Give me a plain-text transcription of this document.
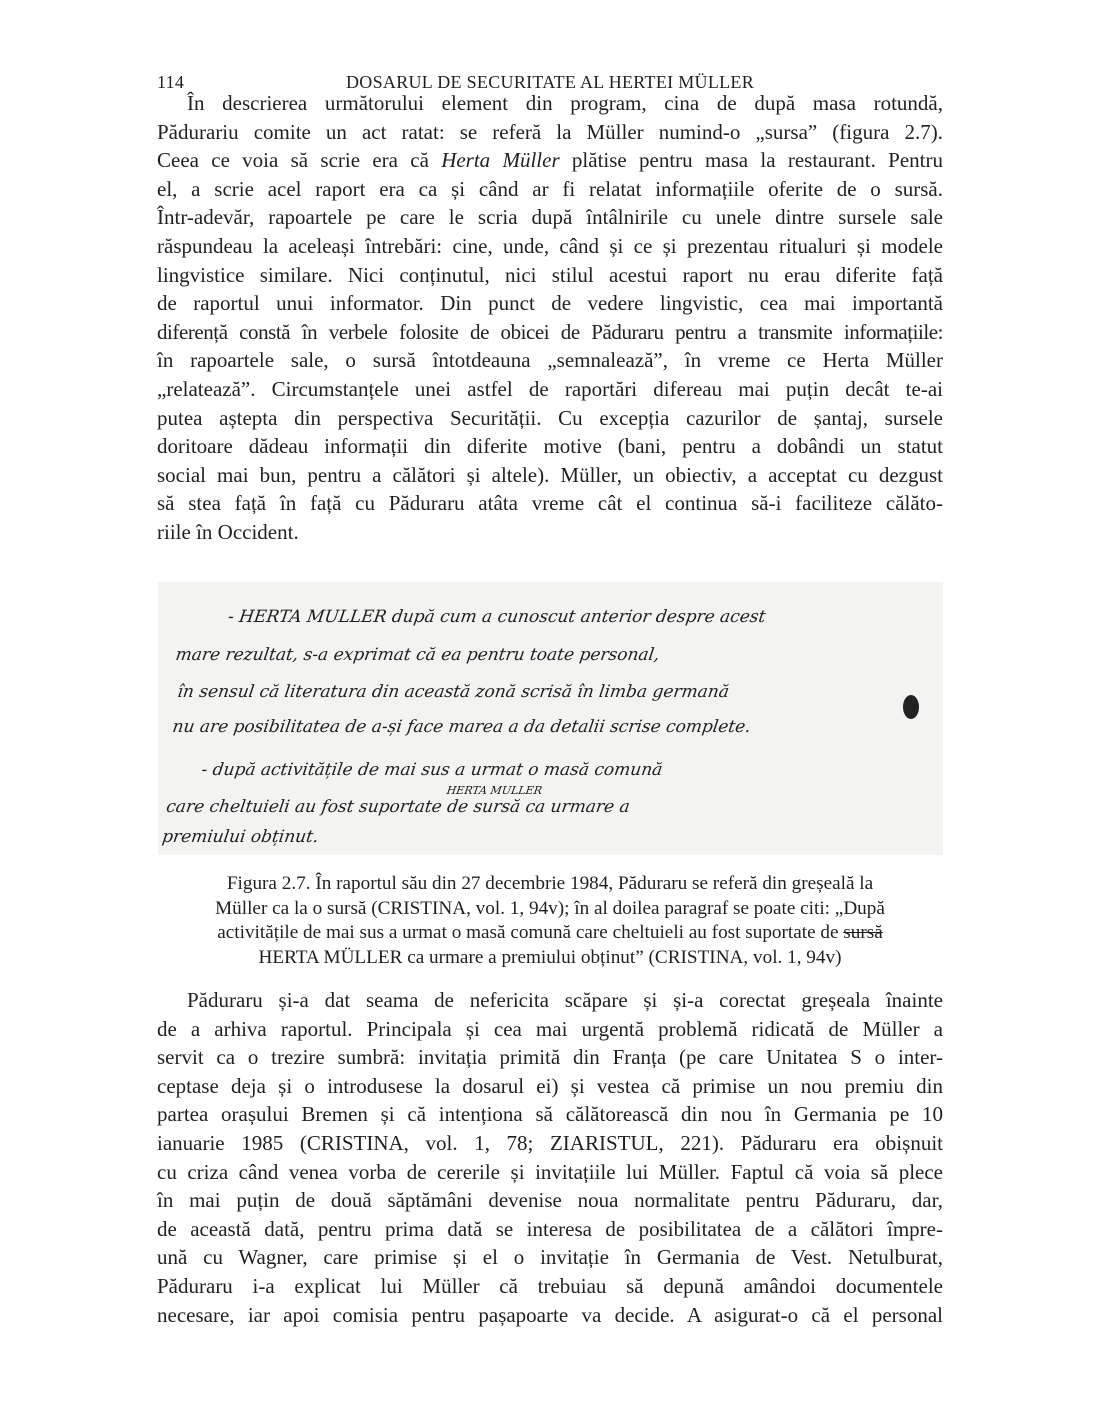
114	DOSARUL DE SECURITATE AL HERTEI MÜLLER
În descrierea următorului element din program, cina de după masa rotundă,
Pădurariu comite un act ratat: se referă la Müller numind-o „sursa” (figura 2.7).
Ceea ce voia să scrie era că Herta Müller plătise pentru masa la restaurant. Pentru
el, a scrie acel raport era ca și când ar fi relatat informațiile oferite de o sursă.
Într-adevăr, rapoartele pe care le scria după întâlnirile cu unele dintre sursele sale
răspundeau la aceleași întrebări: cine, unde, când și ce și prezentau ritualuri și modele
lingvistice similare. Nici conținutul, nici stilul acestui raport nu erau diferite față
de raportul unui informator. Din punct de vedere lingvistic, cea mai importantă
diferență constă în verbele folosite de obicei de Păduraru pentru a transmite informațiile:
în rapoartele sale, o sursă întotdeauna „semnalează”, în vreme ce Herta Müller
„relatează”. Circumstanțele unei astfel de raportări difereau mai puțin decât te-ai
putea aștepta din perspectiva Securității. Cu excepția cazurilor de șantaj, sursele
doritoare dădeau informații din diferite motive (bani, pentru a dobândi un statut
social mai bun, pentru a călători și altele). Müller, un obiectiv, a acceptat cu dezgust
să stea față în față cu Păduraru atâta vreme cât el continua să-i faciliteze călăto-
riile în Occident.
- HERTA MULLER după cum a cunoscut anterior despre acest
mare rezultat, s-a exprimat că ea pentru toate personal,
în sensul că literatura din această zonă scrisă în limba germană
nu are posibilitatea de a-și face marea a da detalii scrise complete.
- după activitățile de mai sus a urmat o masă comună
care cheltuieli au fost suportate de sursă ca urmare a
premiului obținut.
HERTA MULLER
Figura 2.7. În raportul său din 27 decembrie 1984, Păduraru se referă din greșeală la
Müller ca la o sursă (CRISTINA, vol. 1, 94v); în al doilea paragraf se poate citi: „După
activitățile de mai sus a urmat o masă comună care cheltuieli au fost suportate de sursă
HERTA MÜLLER ca urmare a premiului obținut” (CRISTINA, vol. 1, 94v)
Păduraru și-a dat seama de nefericita scăpare și și-a corectat greșeala înainte
de a arhiva raportul. Principala și cea mai urgentă problemă ridicată de Müller a
servit ca o trezire sumbră: invitația primită din Franța (pe care Unitatea S o inter-
ceptase deja și o introdusese la dosarul ei) și vestea că primise un nou premiu din
partea orașului Bremen și că intenționa să călătorească din nou în Germania pe 10
ianuarie 1985 (CRISTINA, vol. 1, 78; ZIARISTUL, 221). Păduraru era obișnuit
cu criza când venea vorba de cererile și invitațiile lui Müller. Faptul că voia să plece
în mai puțin de două săptămâni devenise noua normalitate pentru Păduraru, dar,
de această dată, pentru prima dată se interesa de posibilitatea de a călători împre-
ună cu Wagner, care primise și el o invitație în Germania de Vest. Netulburat,
Păduraru i-a explicat lui Müller că trebuiau să depună amândoi documentele
necesare, iar apoi comisia pentru pașapoarte va decide. A asigurat-o că el personal
